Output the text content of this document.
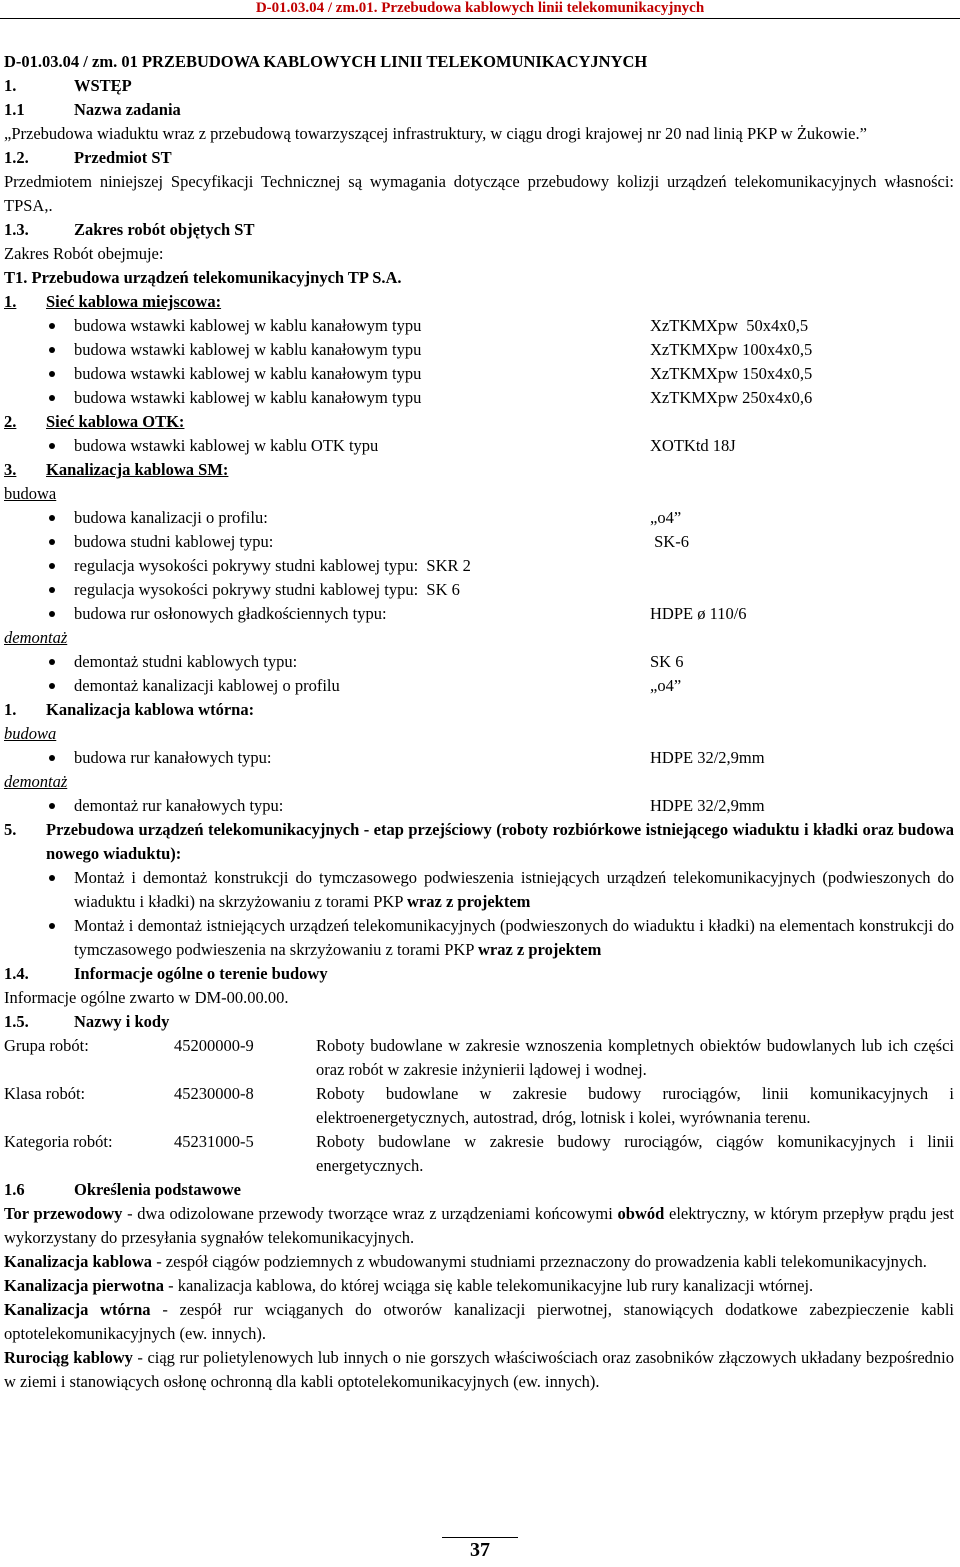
D-01.03.04 / zm.01. Przebudowa kablowych linii telekomunikacyjnych

D-01.03.04 / zm. 01 PRZEBUDOWA KABLOWYCH LINII TELEKOMUNIKACYJNYCH

1.	WSTĘP
1.1	Nazwa zadania

„Przebudowa wiaduktu wraz z przebudową towarzyszącej infrastruktury, w ciągu drogi krajowej nr 20 nad linią PKP w Żukowie.”

1.2.	Przedmiot ST

Przedmiotem niniejszej Specyfikacji Technicznej są wymagania dotyczące przebudowy kolizji urządzeń telekomunikacyjnych własności: TPSA,.

1.3.	Zakres robót objętych ST

Zakres Robót obejmuje:

T1. Przebudowa urządzeń telekomunikacyjnych TP S.A.

1.	Sieć kablowa miejscowa:
budowa wstawki kablowej w kablu kanałowym typu	XzTKMXpw  50x4x0,5
budowa wstawki kablowej w kablu kanałowym typu	XzTKMXpw 100x4x0,5
budowa wstawki kablowej w kablu kanałowym typu	XzTKMXpw 150x4x0,5
budowa wstawki kablowej w kablu kanałowym typu	XzTKMXpw 250x4x0,6
2.	Sieć kablowa OTK:
budowa wstawki kablowej w kablu OTK typu	XOTKtd 18J
3.	Kanalizacja kablowa SM:

budowa

budowa kanalizacji o profilu:	„o4”
budowa studni kablowej typu:	SK-6
regulacja wysokości pokrywy studni kablowej typu:  SKR 2
regulacja wysokości pokrywy studni kablowej typu:  SK 6
budowa rur osłonowych gładkościennych typu:	HDPE ø 110/6

demontaż

demontaż studni kablowych typu:	SK 6
demontaż kanalizacji kablowej o profilu	„o4”
1.	Kanalizacja kablowa wtórna:

budowa

budowa rur kanałowych typu:	HDPE 32/2,9mm

demontaż

demontaż rur kanałowych typu:	HDPE 32/2,9mm
5.	Przebudowa urządzeń telekomunikacyjnych - etap przejściowy (roboty rozbiórkowe istniejącego wiaduktu i kładki oraz budowa nowego wiaduktu):
Montaż i demontaż konstrukcji do tymczasowego podwieszenia istniejących urządzeń telekomunikacyjnych (podwieszonych do wiaduktu i kładki) na skrzyżowaniu z torami PKP wraz z projektem
Montaż i demontaż istniejących urządzeń telekomunikacyjnych (podwieszonych do wiaduktu i kładki) na elementach konstrukcji do tymczasowego podwieszenia na skrzyżowaniu z torami PKP wraz z projektem
1.4.	Informacje ogólne o terenie budowy

Informacje ogólne zwarto w DM-00.00.00.

1.5.	Nazwy i kody
Grupa robót:	45200000-9	Roboty budowlane w zakresie wznoszenia kompletnych obiektów budowlanych lub ich części oraz robót w zakresie inżynierii lądowej i wodnej.
Klasa robót:	45230000-8	Roboty budowlane w zakresie budowy rurociągów, linii komunikacyjnych i elektroenergetycznych, autostrad, dróg, lotnisk i kolei, wyrównania terenu.
Kategoria robót:	45231000-5	Roboty budowlane w zakresie budowy rurociągów, ciągów komunikacyjnych i linii energetycznych.
1.6	Określenia podstawowe

Tor przewodowy - dwa odizolowane przewody tworzące wraz z urządzeniami końcowymi obwód elektryczny, w którym przepływ prądu jest wykorzystany do przesyłania sygnałów telekomunikacyjnych.

Kanalizacja kablowa - zespół ciągów podziemnych z wbudowanymi studniami przeznaczony do prowadzenia kabli telekomunikacyjnych.

Kanalizacja pierwotna - kanalizacja kablowa, do której wciąga się kable telekomunikacyjne lub rury kanalizacji wtórnej.

Kanalizacja wtórna - zespół rur wciąganych do otworów kanalizacji pierwotnej, stanowiących dodatkowe zabezpieczenie kabli optotelekomunikacyjnych (ew. innych).

Rurociąg kablowy - ciąg rur polietylenowych lub innych o nie gorszych właściwościach oraz zasobników złączowych układany bezpośrednio w ziemi i stanowiących osłonę ochronną dla kabli optotelekomunikacyjnych (ew. innych).

37
